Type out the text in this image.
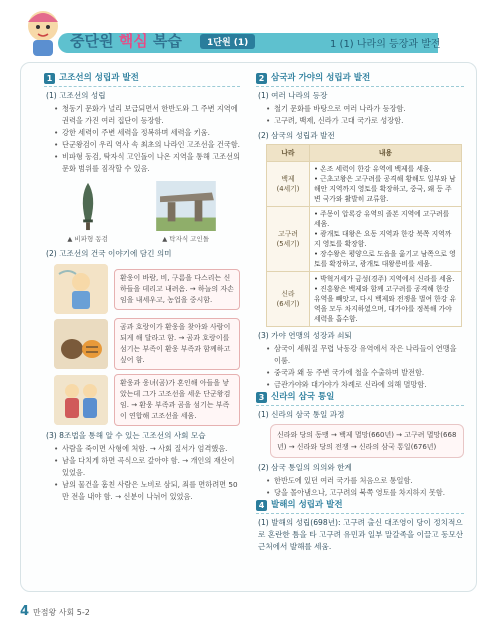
중단원 핵심 복습	1단원 (1)	1 (1) 나라의 등장과 발전
1 고조선의 성립과 발전
(1) 고조선의 성립
• 청동기 문화가 널리 보급되면서 한반도와 그 주변 지역에 권력을 가진 여러 집단이 등장함.
• 강한 세력이 주변 세력을 정복하며 세력을 키움.
• 단군왕검이 우리 역사 속 최초의 나라인 고조선을 건국함.
• 비파형 동검, 탁자식 고인돌이 나온 지역을 통해 고조선의 문화 범위를 짐작할 수 있음.
▲ 비파형 동검	▲ 탁자식 고인돌
(2) 고조선의 건국 이야기에 담긴 의미
환웅이 바람, 비, 구름을 다스리는 신하들을 데리고 내려옴. → 하늘의 자손임을 내세우고, 농업을 중시함.
곰과 호랑이가 환웅을 찾아와 사람이 되게 해 달라고 함. → 곰과 호랑이를 섬기는 부족이 환웅 부족과 함께하고 싶어 함.
환웅과 웅녀(곰)가 혼인해 아들을 낳았는데 그가 고조선을 세운 단군왕검임. → 환웅 부족과 곰을 섬기는 부족이 연합해 고조선을 세움.
(3) 8조법을 통해 알 수 있는 고조선의 사회 모습
• 사람을 죽이면 사형에 처함. → 사회 질서가 엄격했음.
• 남을 다치게 하면 곡식으로 갚아야 함. → 개인의 재산이 있었음.
• 남의 물건을 훔친 사람은 노비로 삼되, 죄를 면하려면 50만 전을 내야 함. → 신분이 나뉘어 있었음.
2 삼국과 가야의 성립과 발전
(1) 여러 나라의 등장
• 철기 문화를 바탕으로 여러 나라가 등장함.
• 고구려, 백제, 신라가 고대 국가로 성장함.
(2) 삼국의 성립과 발전
나라	내용
백제
(4세기)	• 온조 세력이 한강 유역에 백제를 세움.
• 근초고왕은 고구려를 공격해 황해도 일부와 남해안 지역까지 영토를 확장하고, 중국, 왜 등 주변 국가와 활발히 교류함.
고구려
(5세기)	• 주몽이 압록강 유역의 졸본 지역에 고구려를 세움.
• 광개토 대왕은 요동 지역과 한강 북쪽 지역까지 영토를 확장함.
• 장수왕은 평양으로 도읍을 옮기고 남쪽으로 영토를 확장하고, 광개토 대왕릉비를 세움.
신라
(6세기)	• 박혁거세가 금성(경주) 지역에서 신라를 세움.
• 진흥왕은 백제와 함께 고구려를 공격해 한강 유역을 빼앗고, 다시 백제와 전쟁을 벌여 한강 유역을 모두 차지하였으며, 대가야를 정복해 가야 세력을 흡수함.
(3) 가야 연맹의 성장과 쇠퇴
• 삼국이 세워질 무렵 낙동강 유역에서 작은 나라들이 연맹을 이룸.
• 중국과 왜 등 주변 국가에 철을 수출하며 발전함.
• 금관가야와 대가야가 차례로 신라에 의해 멸망함.
3 신라의 삼국 통일
(1) 신라의 삼국 통일 과정
신라와 당의 동맹 → 백제 멸망(660년) → 고구려 멸망(668년) → 신라와 당의 전쟁 → 신라의 삼국 통일(676년)
(2) 삼국 통일의 의의와 한계
• 한반도에 있던 여러 국가를 처음으로 통일함.
• 당을 몰아냄으나, 고구려의 북쪽 영토를 차지하지 못함.
4 발해의 성립과 발전
(1) 발해의 성립(698년): 고구려 출신 대조영이 당이 정치적으로 혼란한 틈을 타 고구려 유민과 일부 말갈족을 이끌고 동모산 근처에서 발해를 세움.
4 만점왕 사회 5-2
